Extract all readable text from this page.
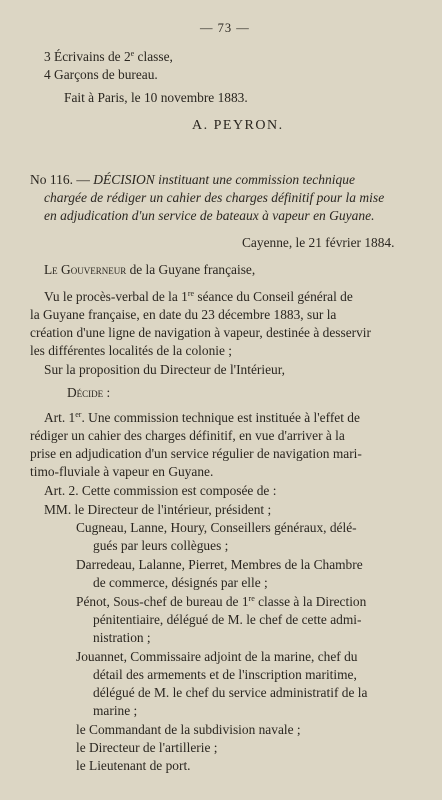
— 73 —
3 Écrivains de 2e classe,
4 Garçons de bureau.
Fait à Paris, le 10 novembre 1883.
A. PEYRON.
No 116. — DÉCISION instituant une commission technique
chargée de rédiger un cahier des charges définitif pour la mise
en adjudication d'un service de bateaux à vapeur en Guyane.
Cayenne, le 21 février 1884.
Le Gouverneur de la Guyane française,
Vu le procès-verbal de la 1re séance du Conseil général de
la Guyane française, en date du 23 décembre 1883, sur la
création d'une ligne de navigation à vapeur, destinée à desservir
les différentes localités de la colonie ;
Sur la proposition du Directeur de l'Intérieur,
Décide :
Art. 1er. Une commission technique est instituée à l'effet de
rédiger un cahier des charges définitif, en vue d'arriver à la
prise en adjudication d'un service régulier de navigation mari-
timo-fluviale à vapeur en Guyane.
Art. 2. Cette commission est composée de :
MM. le Directeur de l'intérieur, président ;
Cugneau, Lanne, Houry, Conseillers généraux, délé-
gués par leurs collègues ;
Darredeau, Lalanne, Pierret, Membres de la Chambre
de commerce, désignés par elle ;
Pénot, Sous-chef de bureau de 1re classe à la Direction
pénitentiaire, délégué de M. le chef de cette admi-
nistration ;
Jouannet, Commissaire adjoint de la marine, chef du
détail des armements et de l'inscription maritime,
délégué de M. le chef du service administratif de la
marine ;
le Commandant de la subdivision navale ;
le Directeur de l'artillerie ;
le Lieutenant de port.
